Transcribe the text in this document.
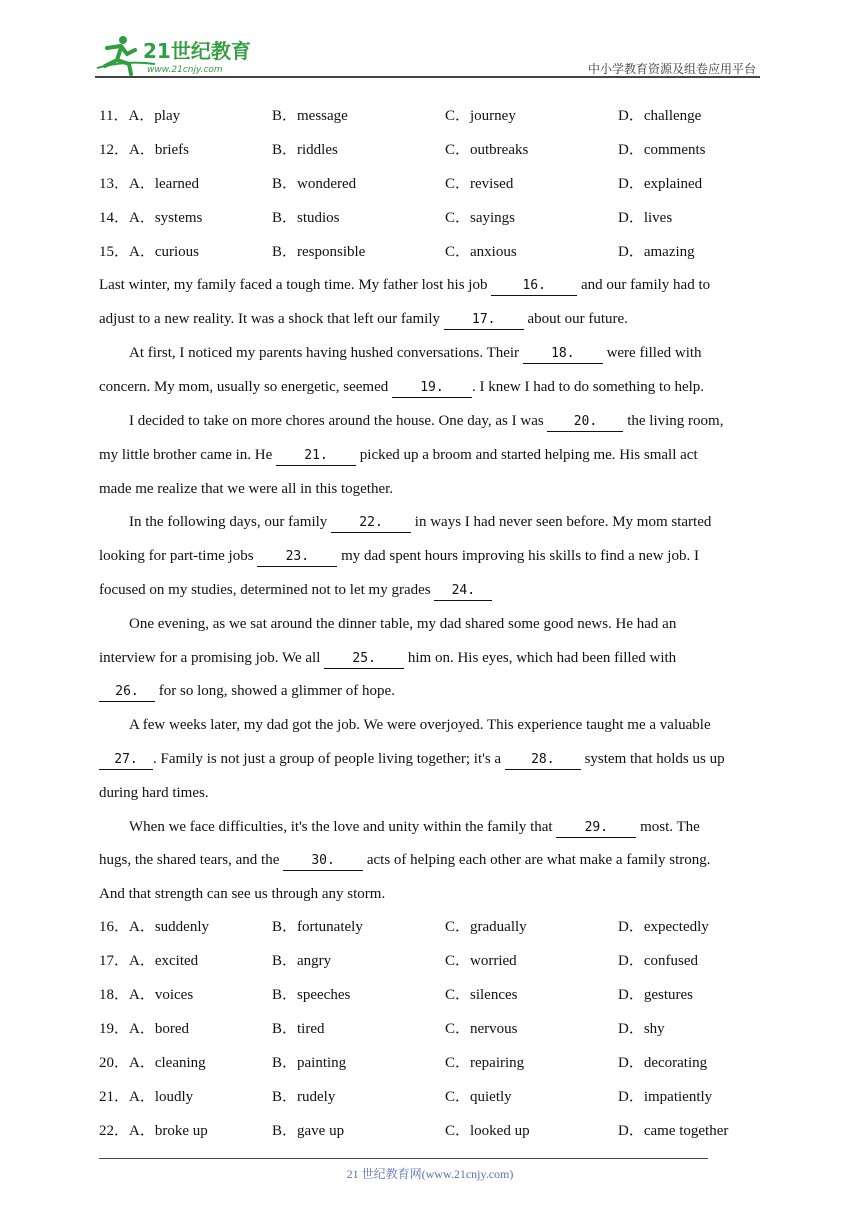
21世纪教育
www.21cnjy.com	中小学教育资源及组卷应用平台
11．A．play	B．message	C．journey	D．challenge
12．A．briefs	B．riddles	C．outbreaks	D．comments
13．A．learned	B．wondered	C．revised	D．explained
14．A．systems	B．studios	C．sayings	D．lives
15．A．curious	B．responsible	C．anxious	D．amazing
Last winter, my family faced a tough time. My father lost his job	16. and our family had to
adjust to a new reality. It was a shock that left our family 17. about our future.
At first, I noticed my parents having hushed conversations. Their 18. were filled with
concern. My mom, usually so energetic, seemed 19. . I knew I had to do something to help.
I decided to take on more chores around the house. One day, as I was 20. the living room,
my little brother came in. He 21. picked up a broom and started helping me. His small act
made me realize that we were all in this together.
In the following days, our family 22. in ways I had never seen before. My mom started
looking for part-time jobs 23. my dad spent hours improving his skills to find a new job. I
focused on my studies, determined not to let my grades 24.
One evening, as we sat around the dinner table, my dad shared some good news. He had an
interview for a promising job. We all 25. him on. His eyes, which had been filled with
26. for so long, showed a glimmer of hope.
A few weeks later, my dad got the job. We were overjoyed. This experience taught me a valuable
27. . Family is not just a group of people living together; it's a 28. system that holds us up
during hard times.
When we face difficulties, it's the love and unity within the family that 29. most. The
hugs, the shared tears, and the 30. acts of helping each other are what make a family strong.
And that strength can see us through any storm.
16．A．suddenly	B．fortunately	C．gradually	D．expectedly
17．A．excited	B．angry	C．worried	D．confused
18．A．voices	B．speeches	C．silences	D．gestures
19．A．bored	B．tired	C．nervous	D．shy
20．A．cleaning	B．painting	C．repairing	D．decorating
21．A．loudly	B．rudely	C．quietly	D．impatiently
22．A．broke up	B．gave up	C．looked up	D．came together
21 世纪教育网(www.21cnjy.com)
